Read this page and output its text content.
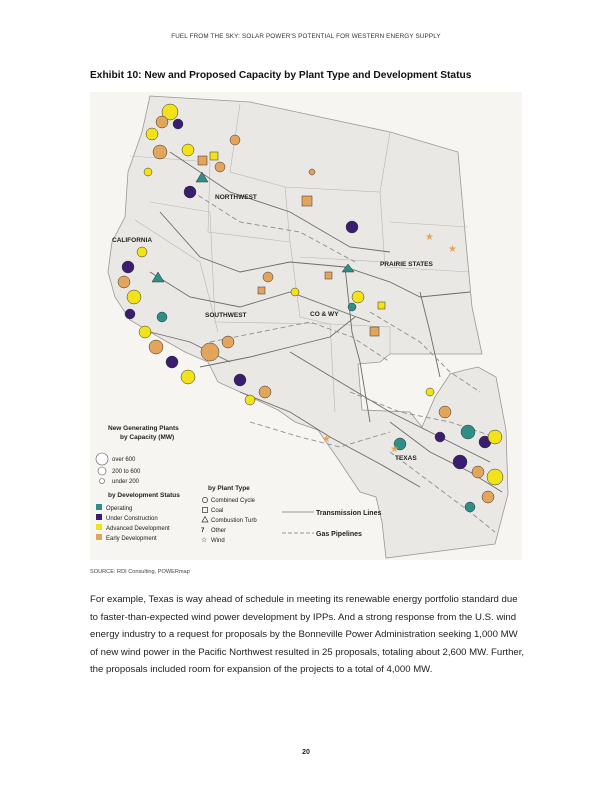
FUEL FROM THE SKY: SOLAR POWER'S POTENTIAL FOR WESTERN ENERGY SUPPLY
Exhibit 10: New and Proposed Capacity by Plant Type and Development Status
★
★
★
★
NORTHWEST
CALIFORNIA
PRAIRIE STATES
SOUTHWEST	CO & WY
TEXAS
New Generating Plants
by Capacity (MW)
over 600
200 to 600
under 200
by Development Status
Operating
Under Construction
Advanced Development
Early Development
by Plant Type
Combined Cycle
Coal
Combustion Turb
7 Other
☆ Wind
Transmission Lines
Gas Pipelines
SOURCE: RDI Consulting, POWERmap
For example, Texas is way ahead of schedule in meeting its renewable energy portfolio standard due to faster-than-expected wind power development by IPPs. And a strong response from the U.S. wind energy industry to a request for proposals by the Bonneville Power Administration seeking 1,000 MW of new wind power in the Pacific Northwest resulted in 25 proposals, totaling about 2,600 MW. Further, the proposals included room for expansion of the projects to a total of 4,000 MW.
20
